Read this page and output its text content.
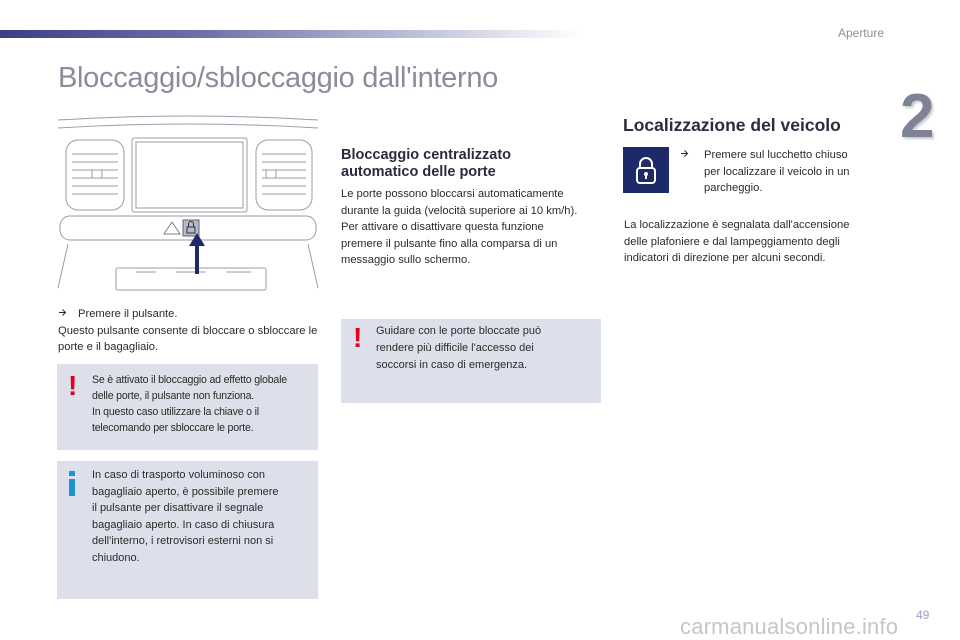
Aperture
2
Bloccaggio/sbloccaggio dall'interno

Premere il pulsante.

Questo pulsante consente di bloccare o sbloccare le porte e il bagagliaio.

! Se è attivato il bloccaggio ad effetto globale
delle porte, il pulsante non funziona.
In questo caso utilizzare la chiave o il
telecomando per sbloccare le porte.
In caso di trasporto voluminoso con
bagagliaio aperto, è possibile premere
il pulsante per disattivare il segnale
bagagliaio aperto. In caso di chiusura
dell'interno, i retrovisori esterni non si
chiudono.
Bloccaggio centralizzato
automatico delle porte
Le porte possono bloccarsi automaticamente
durante la guida (velocità superiore ai 10 km/h).
Per attivare o disattivare questa funzione
premere il pulsante fino alla comparsa di un
messaggio sullo schermo.
! Guidare con le porte bloccate può
rendere più difficile l'accesso dei
soccorsi in caso di emergenza.
Localizzazione del veicolo
Premere sul lucchetto chiuso
per localizzare il veicolo in un
parcheggio.
La localizzazione è segnalata dall'accensione
delle plafoniere e dal lampeggiamento degli
indicatori di direzione per alcuni secondi.
49
carmanualsonline.info
